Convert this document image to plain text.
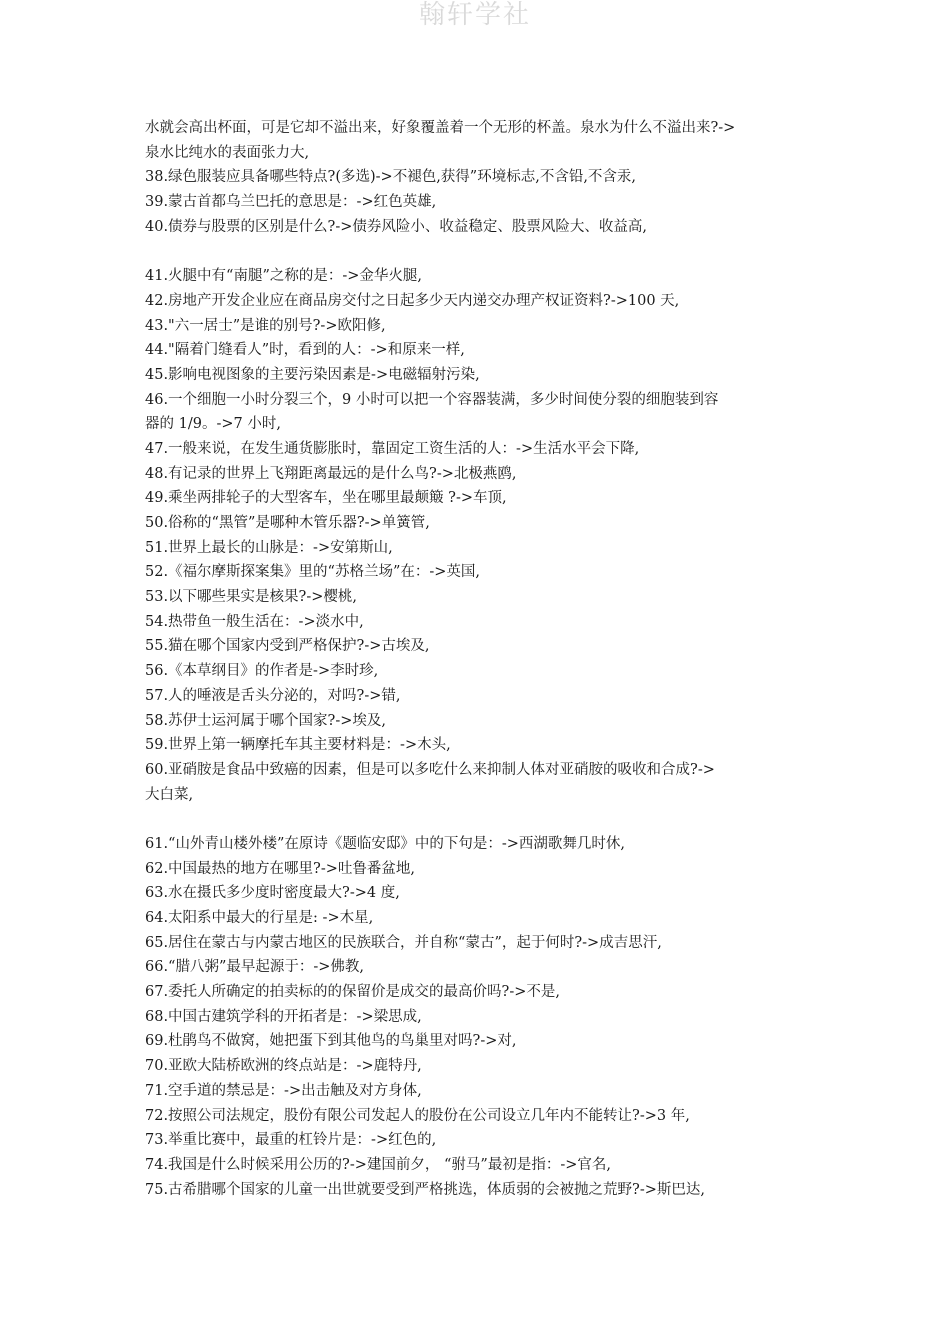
翰轩学社
水就会高出杯面，可是它却不溢出来，好象覆盖着一个无形的杯盖。泉水为什么不溢出来?->
泉水比纯水的表面张力大,
38.绿色服装应具备哪些特点?(多选)->不褪色,获得”环境标志,不含铅,不含汞,
39.蒙古首都乌兰巴托的意思是：->红色英雄,
40.债券与股票的区别是什么?->债券风险小、收益稳定、股票风险大、收益高,
41.火腿中有“南腿”之称的是：->金华火腿,
42.房地产开发企业应在商品房交付之日起多少天内递交办理产权证资料?->100 天,
43."六一居士”是谁的别号?->欧阳修,
44."隔着门缝看人”时，看到的人：->和原来一样,
45.影响电视图象的主要污染因素是->电磁辐射污染,
46.一个细胞一小时分裂三个，9 小时可以把一个容器装满，多少时间使分裂的细胞装到容
器的 1/9。->7 小时,
47.一般来说，在发生通货膨胀时，靠固定工资生活的人：->生活水平会下降,
48.有记录的世界上飞翔距离最远的是什么鸟?->北极燕鸥,
49.乘坐两排轮子的大型客车，坐在哪里最颠簸 ?->车顶,
50.俗称的“黑管”是哪种木管乐器?->单簧管,
51.世界上最长的山脉是：->安第斯山,
52.《福尔摩斯探案集》里的“苏格兰场”在：->英国,
53.以下哪些果实是核果?->樱桃,
54.热带鱼一般生活在：->淡水中,
55.猫在哪个国家内受到严格保护?->古埃及,
56.《本草纲目》的作者是->李时珍,
57.人的唾液是舌头分泌的，对吗?->错,
58.苏伊士运河属于哪个国家?->埃及,
59.世界上第一辆摩托车其主要材料是：->木头,
60.亚硝胺是食品中致癌的因素，但是可以多吃什么来抑制人体对亚硝胺的吸收和合成?->
大白菜,
61.“山外青山楼外楼”在原诗《题临安邸》中的下句是：->西湖歌舞几时休,
62.中国最热的地方在哪里?->吐鲁番盆地,
63.水在摄氏多少度时密度最大?->4 度,
64.太阳系中最大的行星是: ->木星,
65.居住在蒙古与内蒙古地区的民族联合，并自称“蒙古”，起于何时?->成吉思汗,
66.“腊八粥”最早起源于：->佛教,
67.委托人所确定的拍卖标的的保留价是成交的最高价吗?->不是,
68.中国古建筑学科的开拓者是：->梁思成,
69.杜鹃鸟不做窝，她把蛋下到其他鸟的鸟巢里对吗?->对,
70.亚欧大陆桥欧洲的终点站是：->鹿特丹,
71.空手道的禁忌是：->出击触及对方身体,
72.按照公司法规定，股份有限公司发起人的股份在公司设立几年内不能转让?->3 年,
73.举重比赛中，最重的杠铃片是：->红色的,
74.我国是什么时候采用公历的?->建国前夕， “驸马”最初是指：->官名,
75.古希腊哪个国家的儿童一出世就要受到严格挑选，体质弱的会被抛之荒野?->斯巴达,
